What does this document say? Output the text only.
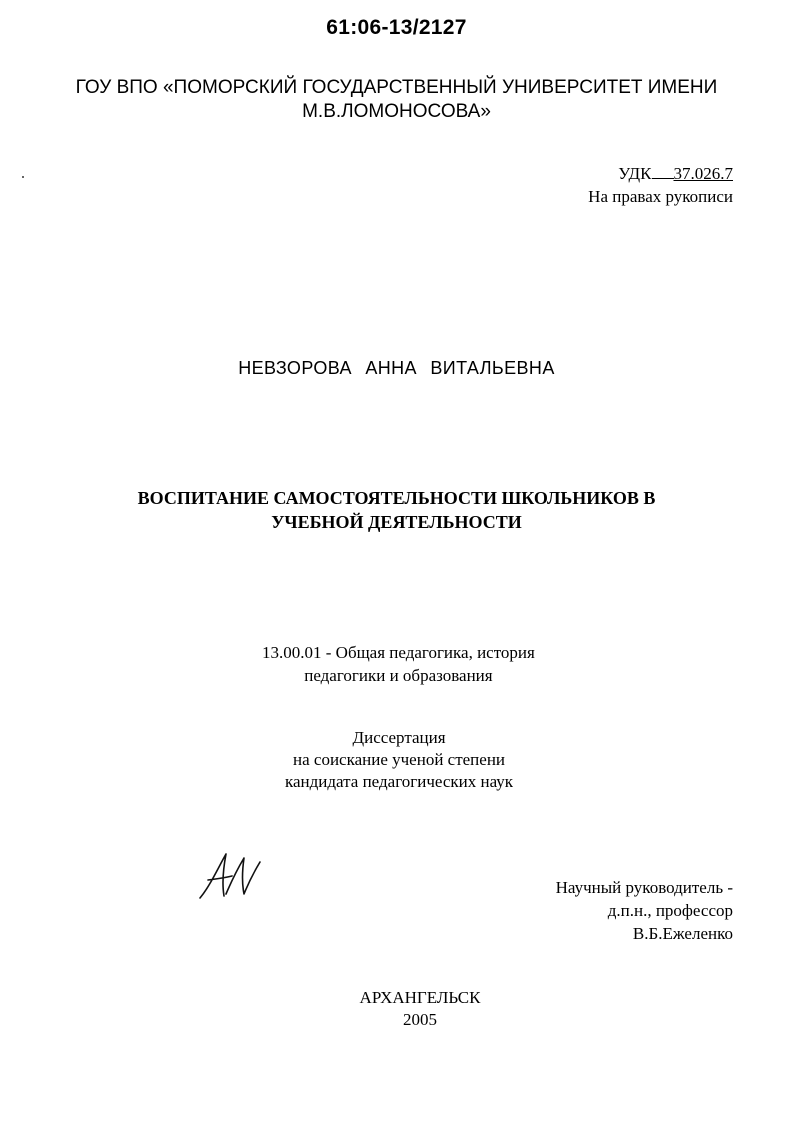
61:06-13/2127
ГОУ ВПО «ПОМОРСКИЙ ГОСУДАРСТВЕННЫЙ УНИВЕРСИТЕТ ИМЕНИ
М.В.ЛОМОНОСОВА»
УДК 37.026.7
На правах рукописи
НЕВЗОРОВА АННА ВИТАЛЬЕВНА
ВОСПИТАНИЕ САМОСТОЯТЕЛЬНОСТИ ШКОЛЬНИКОВ В
УЧЕБНОЙ ДЕЯТЕЛЬНОСТИ
13.00.01 - Общая педагогика, история
педагогики и образования
Диссертация
на соискание ученой степени
кандидата педагогических наук
Научный руководитель -
д.п.н., профессор
В.Б.Ежеленко
АРХАНГЕЛЬСК
2005
